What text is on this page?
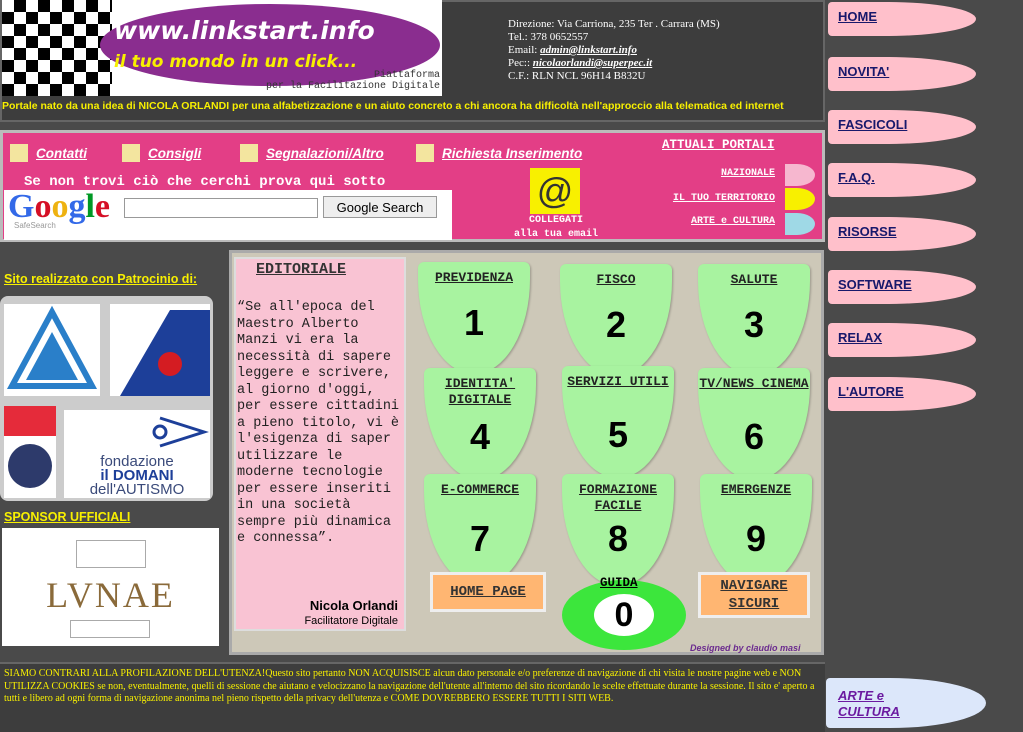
www.linkstart.info
il tuo mondo in un click...
Piattaforma
per la Facilitazione Digitale
Direzione: Via Carriona, 235 Ter . Carrara (MS)
Tel.: 378 0652557
Email: admin@linkstart.info
Pec:: nicolaorlandi@superpec.it
C.F.: RLN NCL 96H14 B832U
Portale nato da una idea di NICOLA ORLANDI per una alfabetizzazione e un aiuto concreto a chi ancora ha difficoltà nell'approccio alla telematica ed internet
Contatti	Consigli	Segnalazioni/Altro	Richiesta Inserimento
Se non trovi ciò che cerchi prova qui sotto
Google
SafeSearch
Google Search	@
COLLEGATI
alla tua email
ATTUALI PORTALI
NAZIONALE
IL TUO TERRITORIO
ARTE e CULTURA
Sito realizzato con Patrocinio di:
fondazione
il DOMANI
dell'AUTISMO
SPONSOR UFFICIALI
LVNAE
EDITORIALE
“Se all'epoca del Maestro Alberto Manzi vi era la necessità di sapere leggere e scrivere, al giorno d'oggi, per essere cittadini a pieno titolo, vi è l'esigenza di saper utilizzare le moderne tecnologie per essere inseriti in una società sempre più dinamica e connessa”.
Nicola Orlandi
Facilitatore Digitale
PREVIDENZA
1
FISCO
2
SALUTE
3
IDENTITA' DIGITALE
4
SERVIZI UTILI
5
TV/NEWS CINEMA
6
E-COMMERCE
7
FORMAZIONE FACILE
8
EMERGENZE
9
HOME PAGE	NAVIGARE SICURI
0
GUIDA
Designed by claudio masi
HOME
NOVITA'
FASCICOLI
F.A.Q.
RISORSE
SOFTWARE
RELAX
L'AUTORE
ARTE e
CULTURA
SIAMO CONTRARI ALLA PROFILAZIONE DELL'UTENZA!Questo sito pertanto NON ACQUISISCE alcun dato personale e/o preferenze di navigazione di chi visita le nostre pagine web e NON UTILIZZA COOKIES se non, eventualmente, quelli di sessione che aiutano e velocizzano la navigazione dell'utente all'interno del sito ricordando le scelte effettuate durante la sessione. Il sito e' aperto a tutti e libero ad ogni forma di navigazione anonima nel pieno rispetto della privacy dell'utenza e COME DOVREBBERO ESSERE TUTTI I SITI WEB.
